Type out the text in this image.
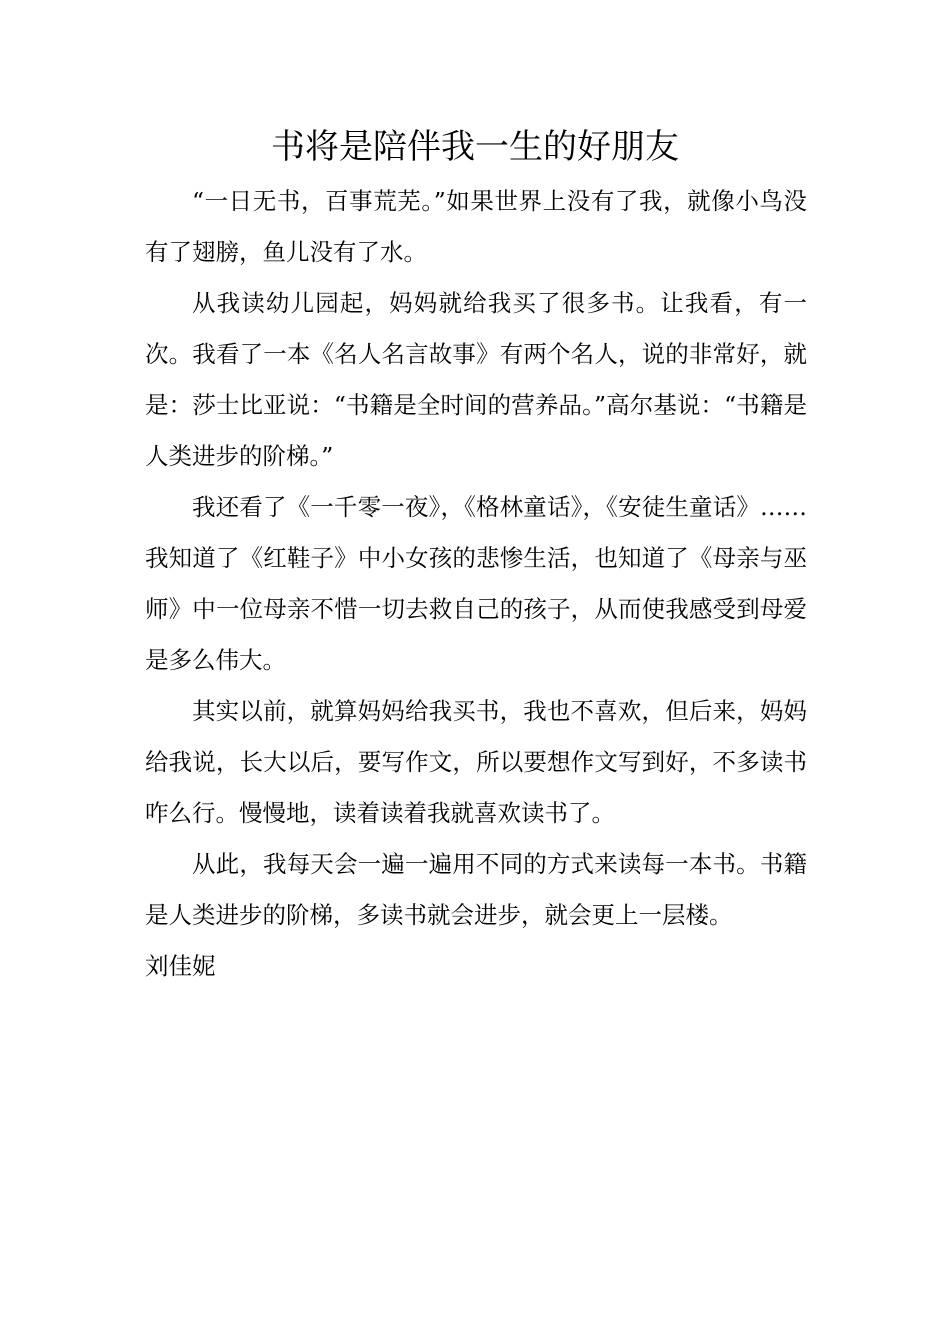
书将是陪伴我一生的好朋友

“一日无书，百事荒芜。”如果世界上没有了我，就像小鸟没有了翅膀，鱼儿没有了水。

从我读幼儿园起，妈妈就给我买了很多书。让我看，有一次。我看了一本《名人名言故事》有两个名人，说的非常好，就是：莎士比亚说：“书籍是全时间的营养品。”高尔基说：“书籍是人类进步的阶梯。”

我还看了《一千零一夜》，《格林童话》，《安徒生童话》……我知道了《红鞋子》中小女孩的悲惨生活，也知道了《母亲与巫师》中一位母亲不惜一切去救自己的孩子，从而使我感受到母爱是多么伟大。

其实以前，就算妈妈给我买书，我也不喜欢，但后来，妈妈给我说，长大以后，要写作文，所以要想作文写到好，不多读书咋么行。慢慢地，读着读着我就喜欢读书了。

从此，我每天会一遍一遍用不同的方式来读每一本书。书籍是人类进步的阶梯，多读书就会进步，就会更上一层楼。

刘佳妮
